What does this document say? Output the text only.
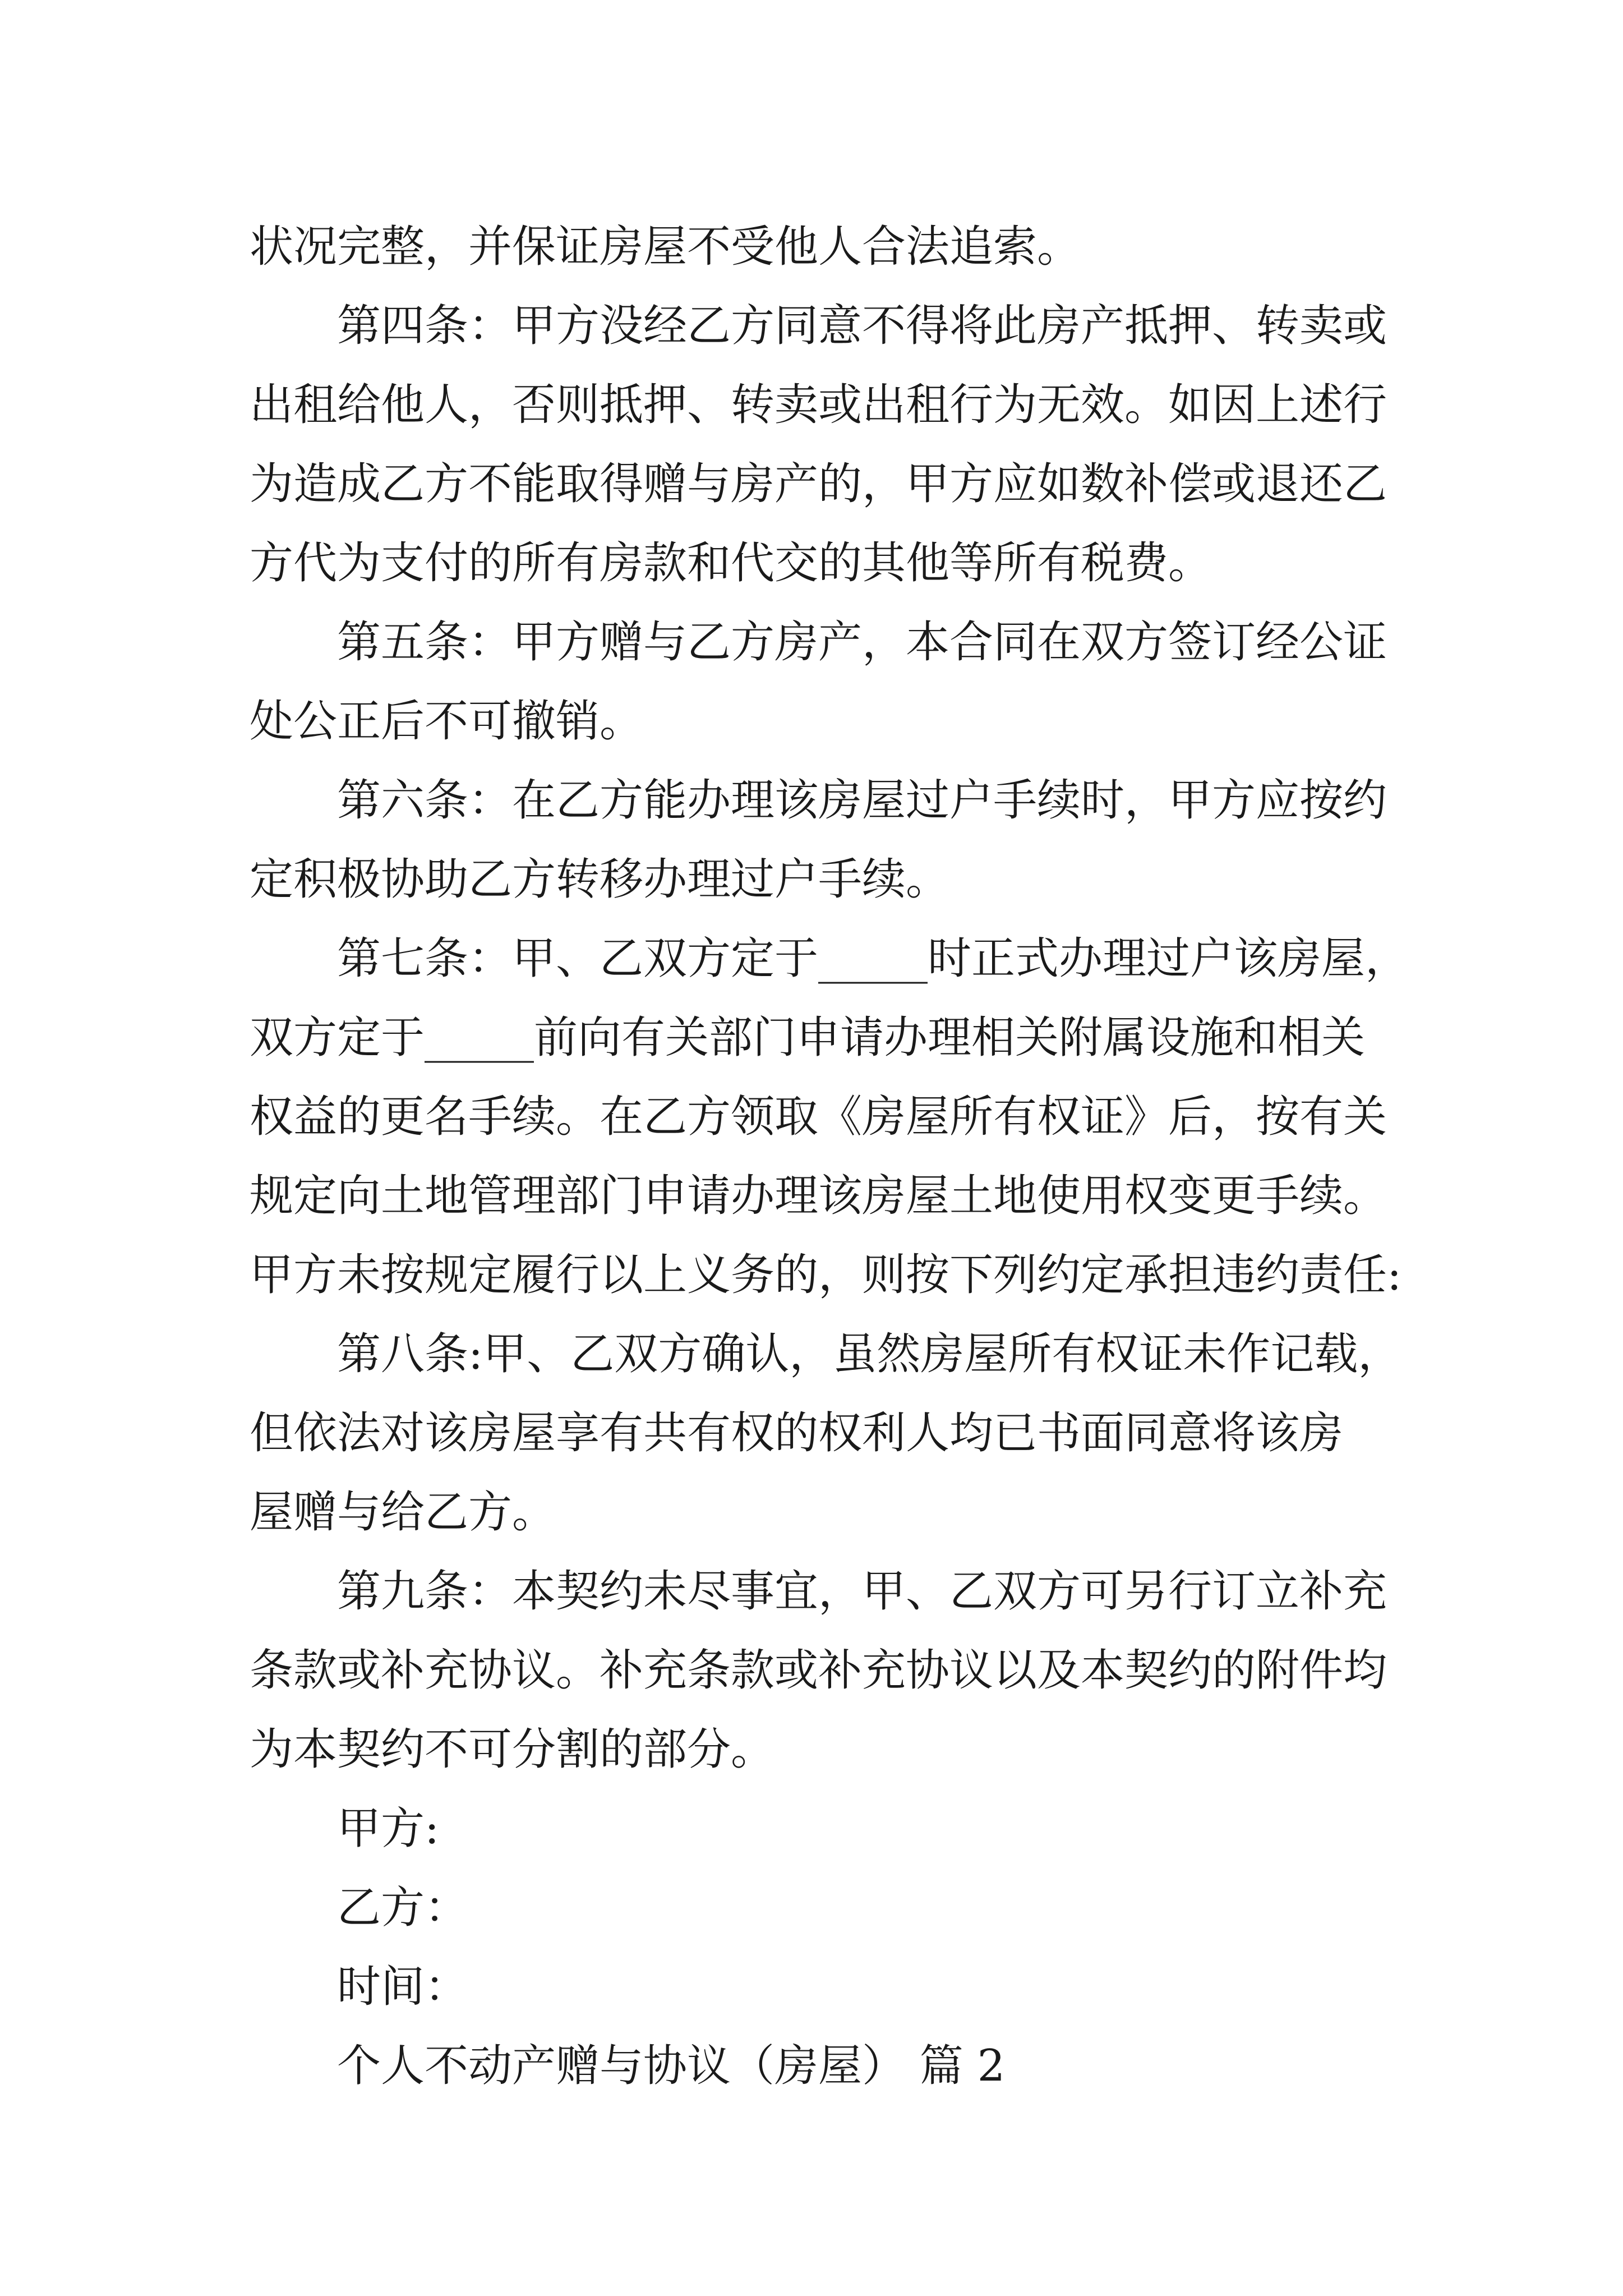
状况完整，并保证房屋不受他人合法追索。
第四条：甲方没经乙方同意不得将此房产抵押、转卖或
出租给他人，否则抵押、转卖或出租行为无效。如因上述行
为造成乙方不能取得赠与房产的，甲方应如数补偿或退还乙
方代为支付的所有房款和代交的其他等所有税费。
第五条：甲方赠与乙方房产，本合同在双方签订经公证
处公正后不可撤销。
第六条：在乙方能办理该房屋过户手续时，甲方应按约
定积极协助乙方转移办理过户手续。
第七条：甲、乙双方定于_____时正式办理过户该房屋，
双方定于_____前向有关部门申请办理相关附属设施和相关
权益的更名手续。在乙方领取《房屋所有权证》后，按有关
规定向土地管理部门申请办理该房屋土地使用权变更手续。
甲方未按规定履行以上义务的，则按下列约定承担违约责任:
第八条:甲、乙双方确认，虽然房屋所有权证未作记载，
但依法对该房屋享有共有权的权利人均已书面同意将该房
屋赠与给乙方。
第九条：本契约未尽事宜，甲、乙双方可另行订立补充
条款或补充协议。补充条款或补充协议以及本契约的附件均
为本契约不可分割的部分。
甲方:
乙方：
时间：
个人不动产赠与协议（房屋） 篇 2
